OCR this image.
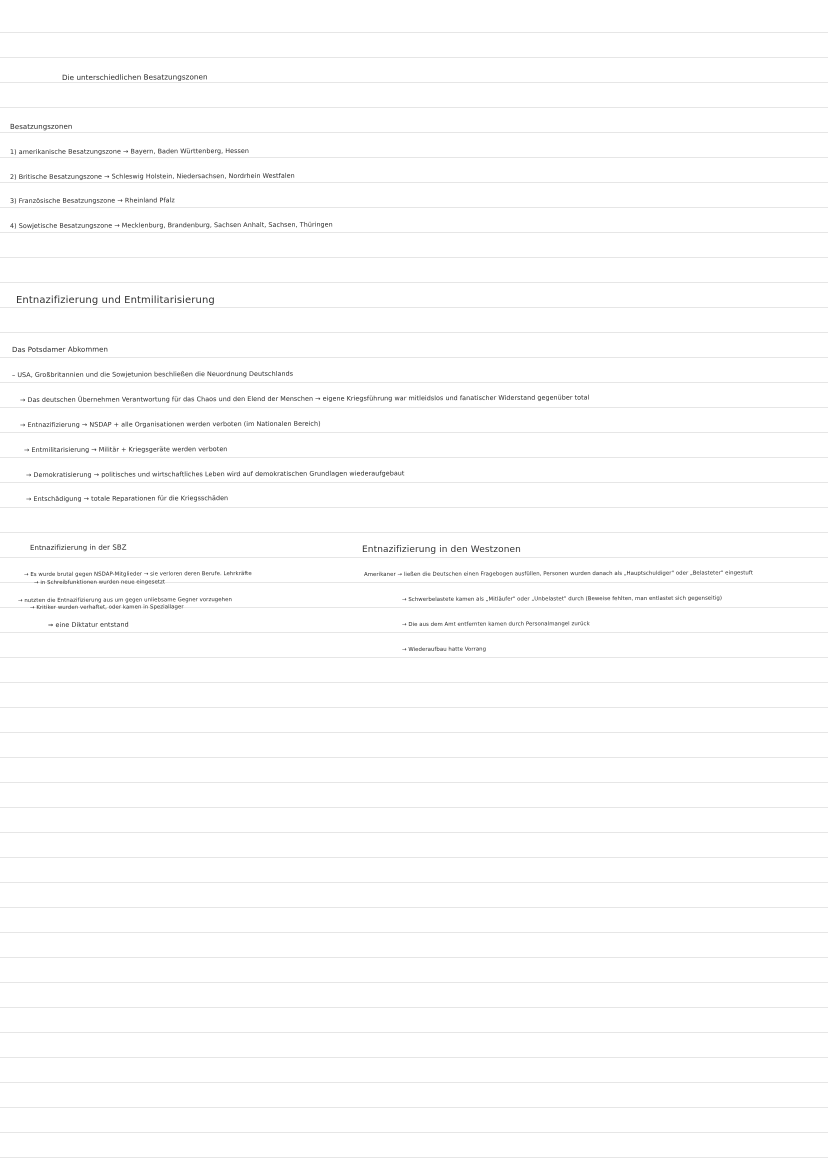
Die unterschiedlichen Besatzungszonen
Besatzungszonen
1) amerikanische Besatzungszone → Bayern, Baden Württenberg, Hessen
2) Britische Besatzungszone → Schleswig Holstein, Niedersachsen, Nordrhein Westfalen
3) Französische Besatzungszone → Rheinland Pfalz
4) Sowjetische Besatzungszone → Mecklenburg, Brandenburg, Sachsen Anhalt, Sachsen, Thüringen
Entnazifizierung und Entmilitarisierung
Das Potsdamer Abkommen
– USA, Großbritannien und die Sowjetunion beschließen die Neuordnung Deutschlands
→ Das deutschen Übernehmen Verantwortung für das Chaos und den Elend der Menschen → eigene Kriegsführung war mitleidslos und fanatischer Widerstand gegenüber total
→ Entnazifizierung → NSDAP + alle Organisationen werden verboten (im Nationalen Bereich)
→ Entmilitarisierung → Militär + Kriegsgeräte werden verboten
→ Demokratisierung → politisches und wirtschaftliches Leben wird auf demokratischen Grundlagen wiederaufgebaut
→ Entschädigung → totale Reparationen für die Kriegsschäden
Entnazifizierung in der SBZ
→ Es wurde brutal gegen NSDAP-Mitglieder → sie verloren deren Berufe. Lehrkräfte
→ in Schreibfunktionen wurden neue eingesetzt
→ nutzten die Entnazifizierung aus um gegen unliebsame Gegner vorzugehen
→ Kritiker wurden verhaftet, oder kamen in Speziallager
➞ eine Diktatur entstand
Entnazifizierung in den Westzonen
Amerikaner → ließen die Deutschen einen Fragebogen ausfüllen, Personen wurden danach als „Hauptschuldiger" oder „Belasteter" eingestuft
→ Schwerbelastete kamen als „Mitläufer" oder „Unbelastet" durch (Beweise fehlten, man entlastet sich gegenseitig)
→ Die aus dem Amt entfernten kamen durch Personalmangel zurück
→ Wiederaufbau hatte Vorrang
